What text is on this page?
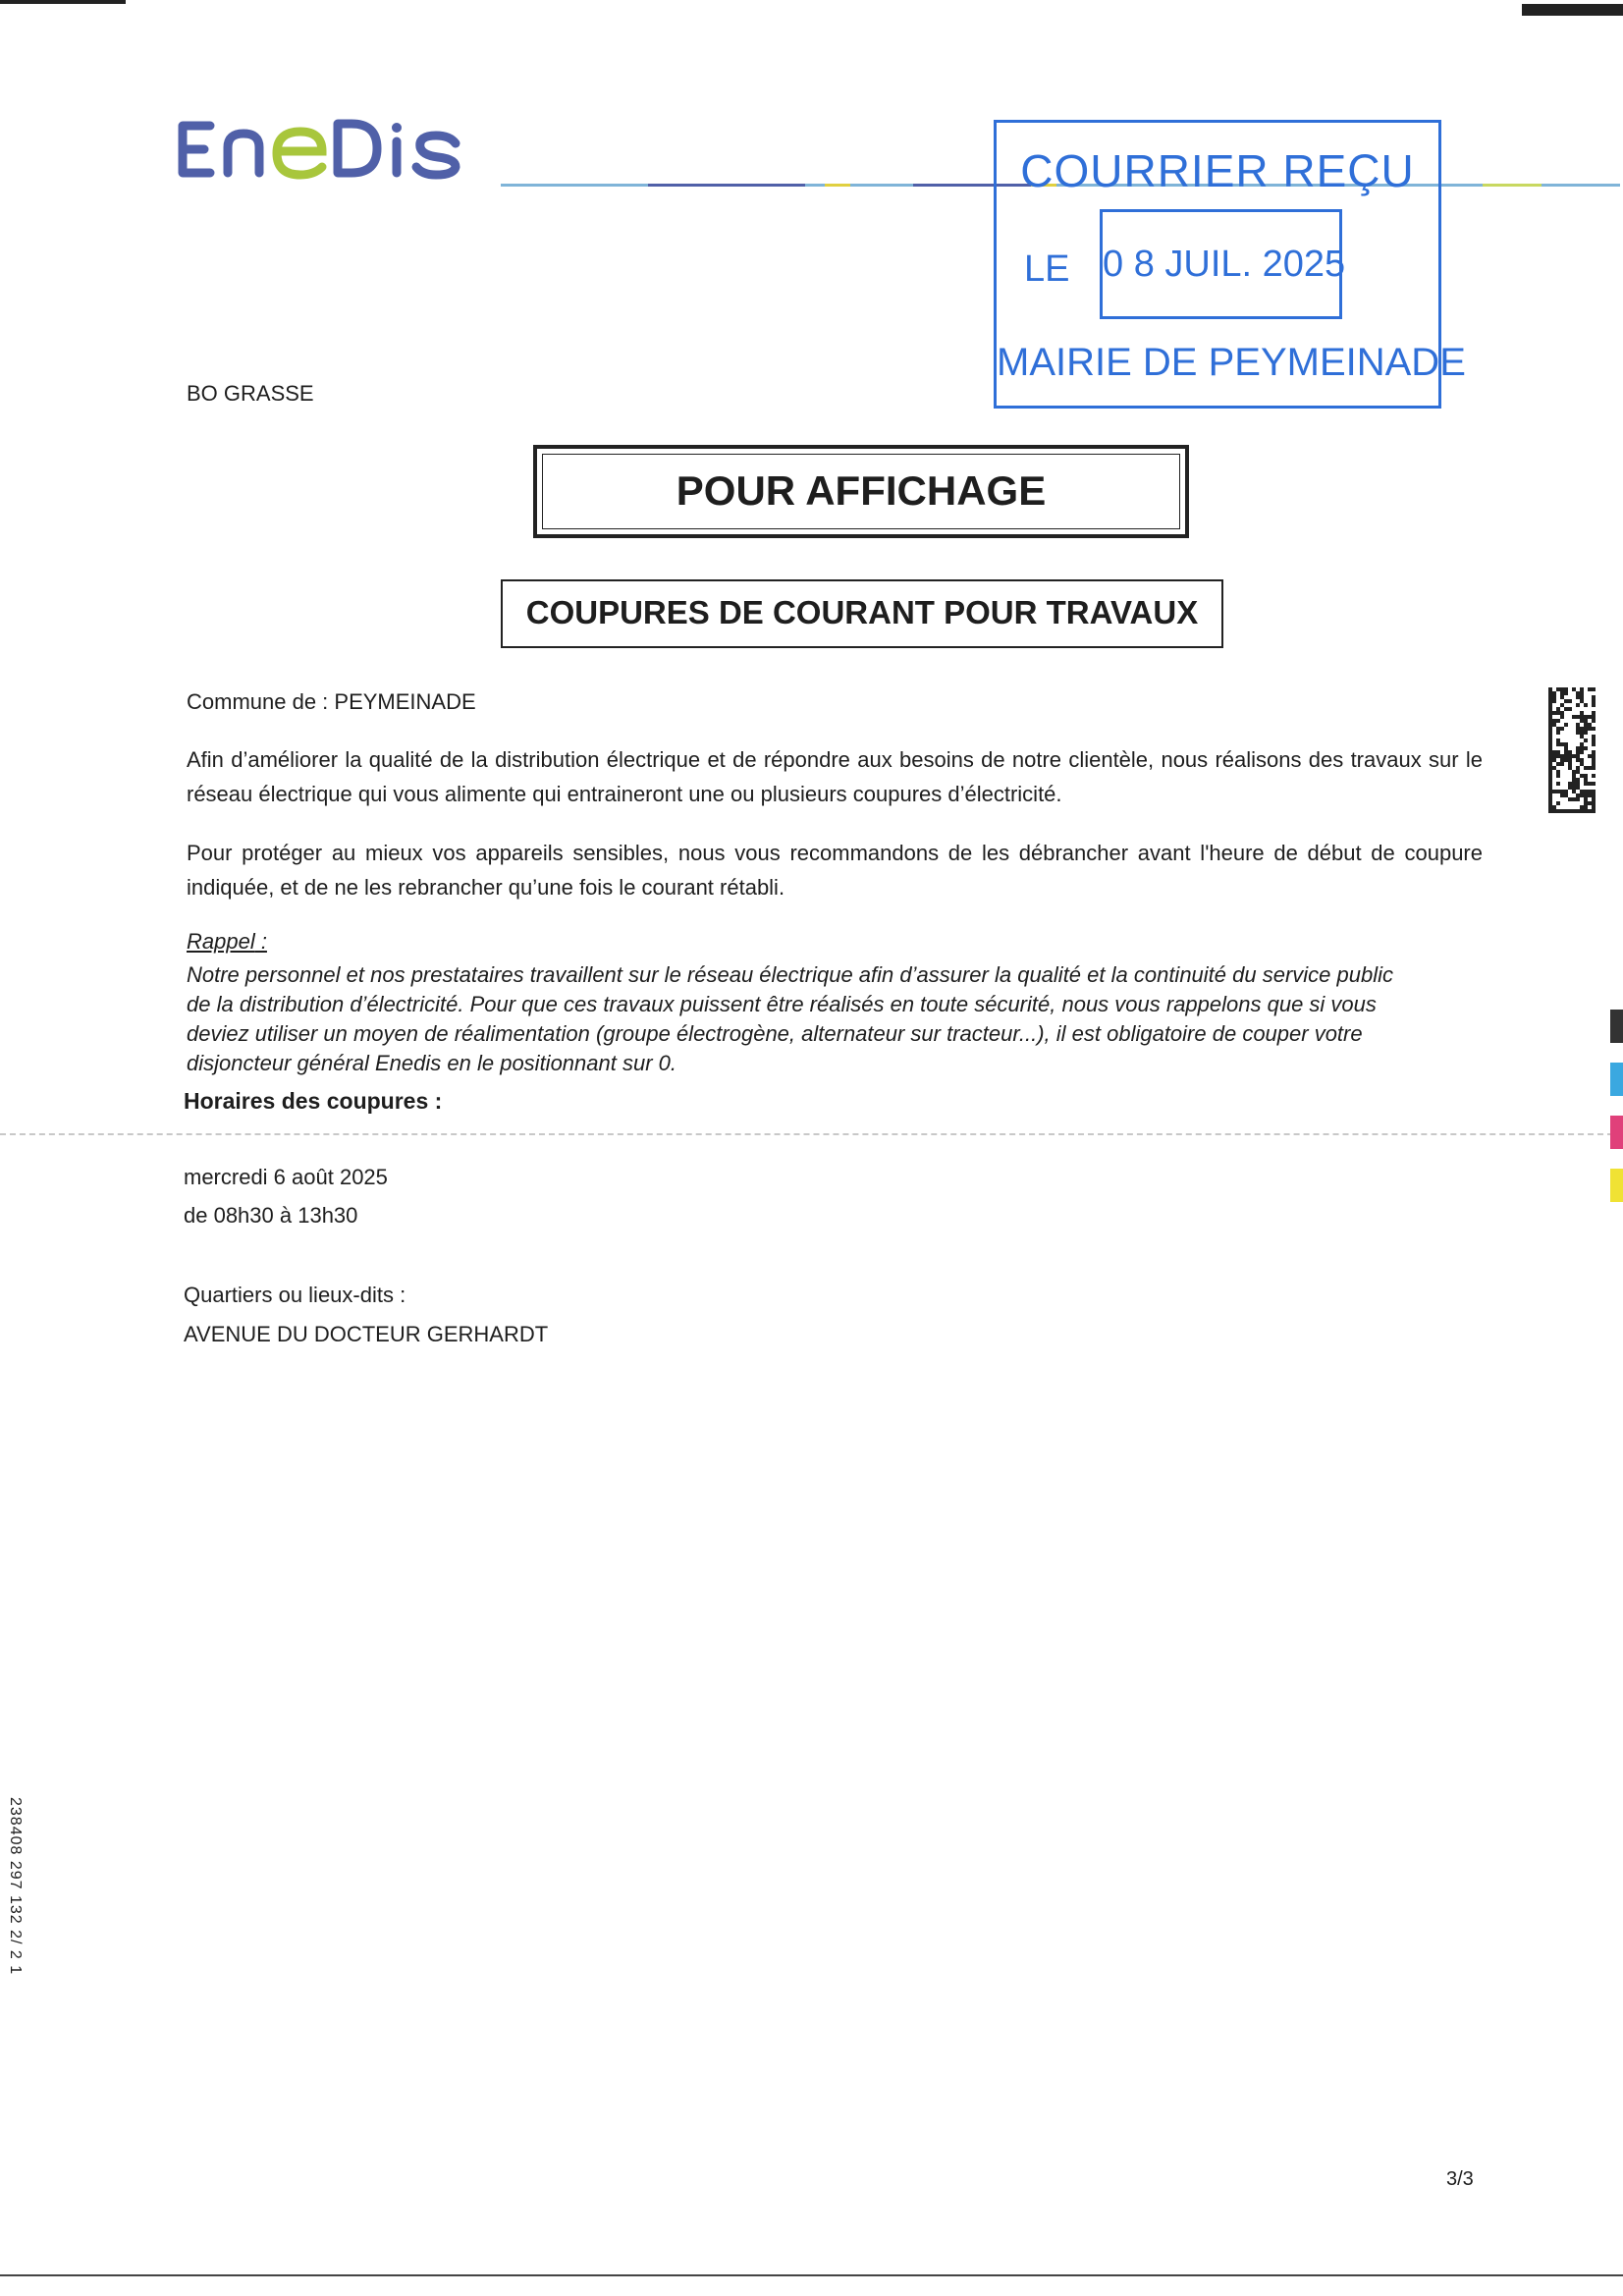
COURRIER REÇU
LE 0 8 JUIL. 2025
MAIRIE DE PEYMEINADE
BO GRASSE
POUR AFFICHAGE
COUPURES DE COURANT POUR TRAVAUX
Commune de : PEYMEINADE
Afin d’améliorer la qualité de la distribution électrique et de répondre aux besoins de notre clientèle, nous réalisons des travaux sur le réseau électrique qui vous alimente qui entraineront une ou plusieurs coupures d’électricité.
Pour protéger au mieux vos appareils sensibles, nous vous recommandons de les débrancher avant l'heure de début de coupure indiquée, et de ne les rebrancher qu’une fois le courant rétabli.
Rappel :
Notre personnel et nos prestataires travaillent sur le réseau électrique afin d’assurer la qualité et la continuité du service public
de la distribution d’électricité. Pour que ces travaux puissent être réalisés en toute sécurité, nous vous rappelons que si vous
deviez utiliser un moyen de réalimentation (groupe électrogène, alternateur sur tracteur...), il est obligatoire de couper votre
disjoncteur général Enedis en le positionnant sur 0.
Horaires des coupures :
mercredi 6 août 2025
de 08h30 à 13h30
Quartiers ou lieux-dits :
AVENUE DU DOCTEUR GERHARDT
238408 297 132 2/ 2 1
3/3
